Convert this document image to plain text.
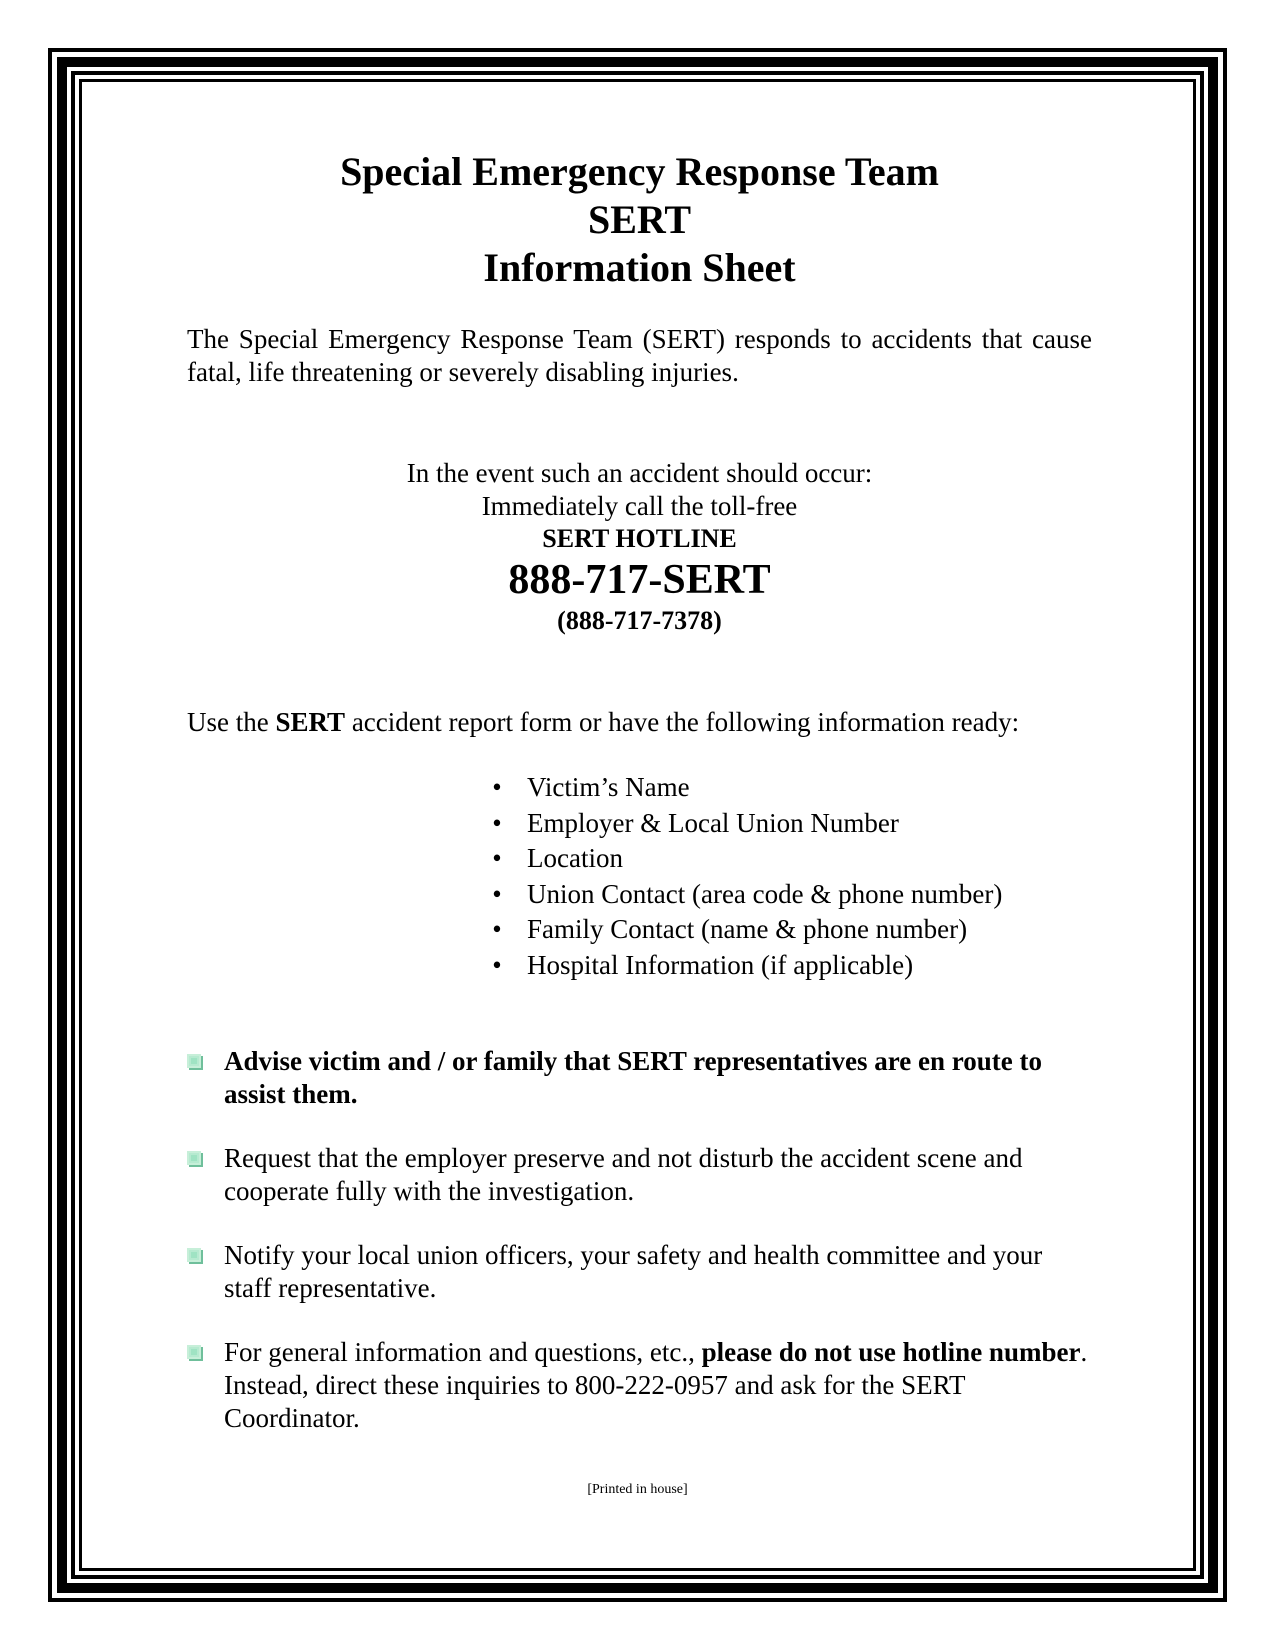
Special Emergency Response Team

SERT

Information Sheet

The Special Emergency Response Team (SERT) responds to accidents that cause fatal, life threatening or severely disabling injuries.
In the event such an accident should occur:
Immediately call the toll-free
SERT HOTLINE
888-717-SERT
(888-717-7378)
Use the SERT accident report form or have the following information ready:
• Victim’s Name
• Employer & Local Union Number
• Location
• Union Contact (area code & phone number)
• Family Contact (name & phone number)
• Hospital Information (if applicable)
Advise victim and / or family that SERT representatives are en route to assist them.
Request that the employer preserve and not disturb the accident scene and cooperate fully with the investigation.
Notify your local union officers, your safety and health committee and your staff representative.
For general information and questions, etc., please do not use hotline number. Instead, direct these inquiries to 800-222-0957 and ask for the SERT Coordinator.
[Printed in house]
